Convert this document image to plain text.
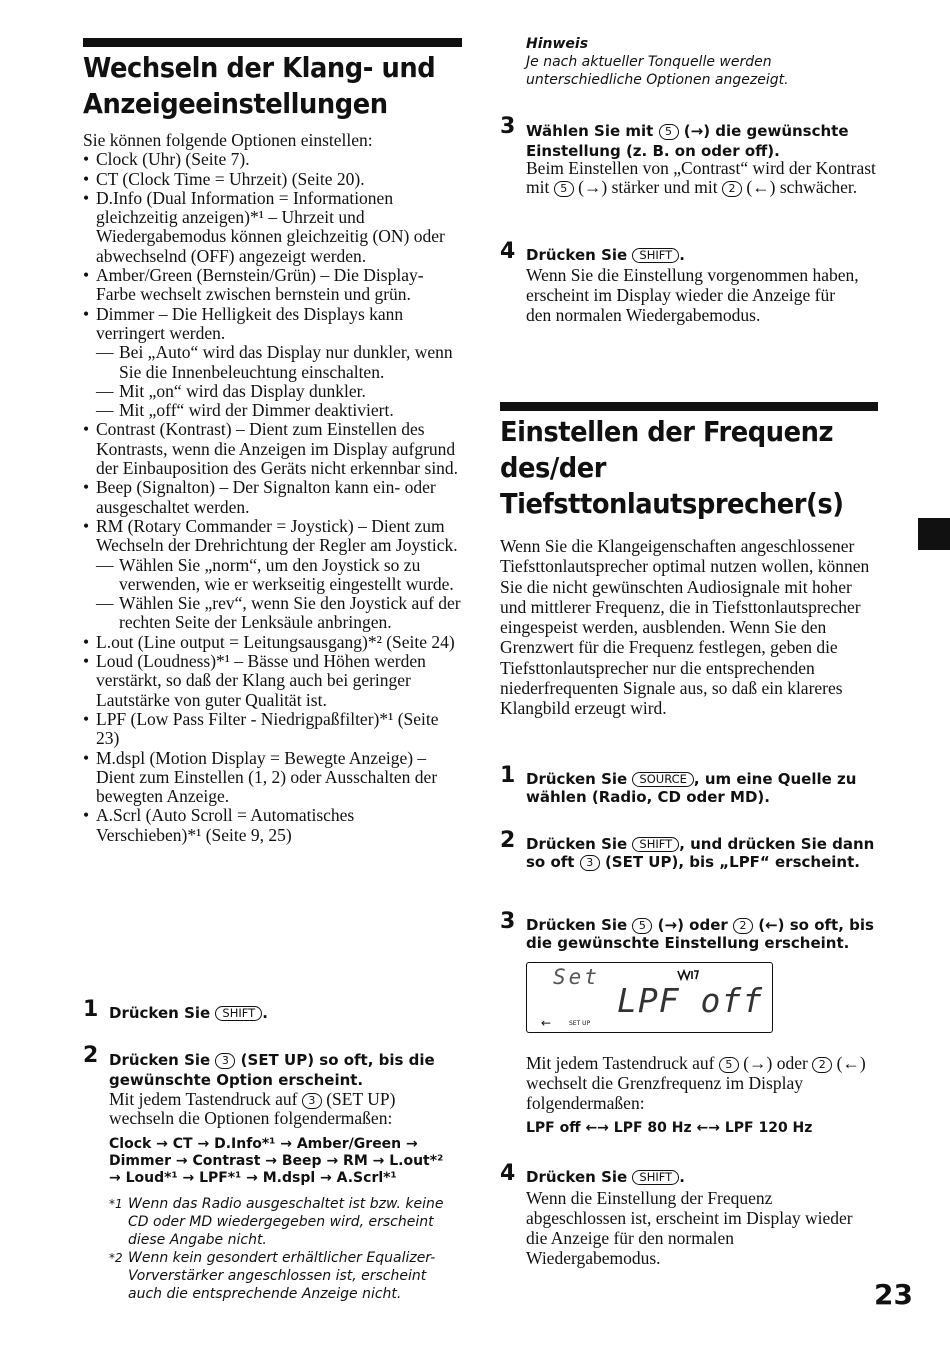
Wechseln der Klang- und Anzeigeeinstellungen

Sie können folgende Optionen einstellen:

• Clock (Uhr) (Seite 7).
• CT (Clock Time = Uhrzeit) (Seite 20).
• D.Info (Dual Information = Informationen gleichzeitig anzeigen)*¹ – Uhrzeit und Wiedergabemodus können gleichzeitig (ON) oder abwechselnd (OFF) angezeigt werden.
• Amber/Green (Bernstein/Grün) – Die Display-Farbe wechselt zwischen bernstein und grün.
• Dimmer – Die Helligkeit des Displays kann verringert werden.
— Bei „Auto“ wird das Display nur dunkler, wenn Sie die Innenbeleuchtung einschalten.
— Mit „on“ wird das Display dunkler.
— Mit „off“ wird der Dimmer deaktiviert.
• Contrast (Kontrast) – Dient zum Einstellen des Kontrasts, wenn die Anzeigen im Display aufgrund der Einbauposition des Geräts nicht erkennbar sind.
• Beep (Signalton) – Der Signalton kann ein- oder ausgeschaltet werden.
• RM (Rotary Commander = Joystick) – Dient zum Wechseln der Drehrichtung der Regler am Joystick.
— Wählen Sie „norm“, um den Joystick so zu verwenden, wie er werkseitig eingestellt wurde.
— Wählen Sie „rev“, wenn Sie den Joystick auf der rechten Seite der Lenksäule anbringen.
• L.out (Line output = Leitungsausgang)*² (Seite 24)
• Loud (Loudness)*¹ – Bässe und Höhen werden verstärkt, so daß der Klang auch bei geringer Lautstärke von guter Qualität ist.
• LPF (Low Pass Filter - Niedrigpaßfilter)*¹ (Seite 23)
• M.dspl (Motion Display = Bewegte Anzeige) – Dient zum Einstellen (1, 2) oder Ausschalten der bewegten Anzeige.
• A.Scrl (Auto Scroll = Automatisches Verschieben)*¹ (Seite 9, 25)
1 Drücken Sie SHIFT .
2 Drücken Sie 3 (SET UP) so oft, bis die gewünschte Option erscheint.
Mit jedem Tastendruck auf 3 (SET UP) wechseln die Optionen folgendermaßen:
Clock → CT → D.Info*¹ → Amber/Green →
Dimmer → Contrast → Beep → RM → L.out*²
→ Loud*¹ → LPF*¹ → M.dspl → A.Scrl*¹
*1 Wenn das Radio ausgeschaltet ist bzw. keine CD oder MD wiedergegeben wird, erscheint diese Angabe nicht.
*2 Wenn kein gesondert erhältlicher Equalizer-Vorverstärker angeschlossen ist, erscheint auch die entsprechende Anzeige nicht.
Hinweis
Je nach aktueller Tonquelle werden unterschiedliche Optionen angezeigt.
3 Wählen Sie mit 5 (→) die gewünschte Einstellung (z. B. on oder off).
Beim Einstellen von „Contrast“ wird der Kontrast mit 5 (→) stärker und mit 2 (←) schwächer.
4 Drücken Sie SHIFT .
Wenn Sie die Einstellung vorgenommen haben, erscheint im Display wieder die Anzeige für den normalen Wiedergabemodus.
Einstellen der Frequenz des/der Tiefsttonlautsprecher(s)
Wenn Sie die Klangeigenschaften angeschlossener Tiefsttonlautsprecher optimal nutzen wollen, können Sie die nicht gewünschten Audiosignale mit hoher und mittlerer Frequenz, die in Tiefsttonlautsprecher eingespeist werden, ausblenden. Wenn Sie den Grenzwert für die Frequenz festlegen, geben die Tiefsttonlautsprecher nur die entsprechenden niederfrequenten Signale aus, so daß ein klareres Klangbild erzeugt wird.
1 Drücken Sie SOURCE , um eine Quelle zu wählen (Radio, CD oder MD).
2 Drücken Sie SHIFT , und drücken Sie dann so oft 3 (SET UP), bis „LPF“ erscheint.
3 Drücken Sie 5 (→) oder 2 (←) so oft, bis die gewünschte Einstellung erscheint.
Set
LPF off
←	SET UP
Mit jedem Tastendruck auf 5 (→) oder 2 (←) wechselt die Grenzfrequenz im Display folgendermaßen:
LPF off ←→ LPF 80 Hz ←→ LPF 120 Hz
4 Drücken Sie SHIFT .
Wenn die Einstellung der Frequenz abgeschlossen ist, erscheint im Display wieder die Anzeige für den normalen Wiedergabemodus.
23
